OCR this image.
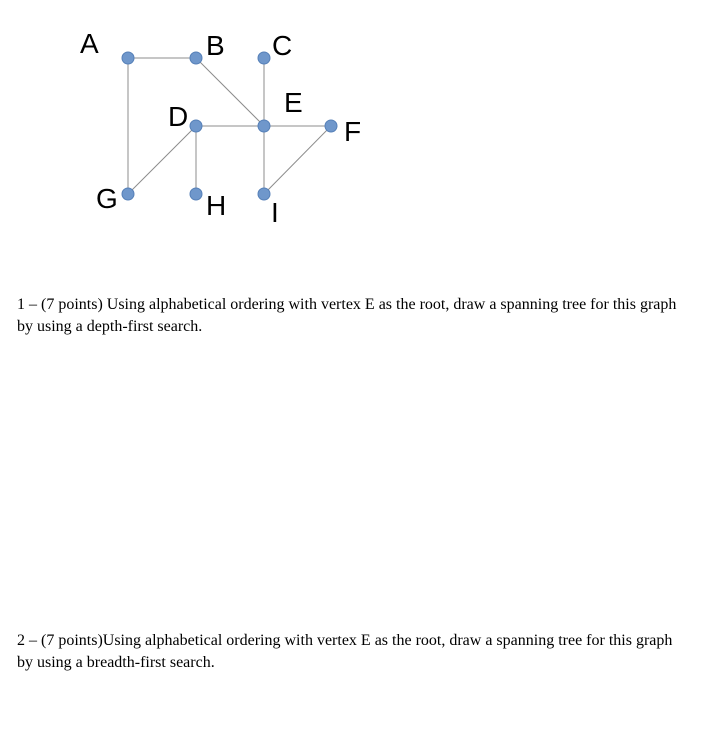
A	B C
D	E
F
G	H I

1 – (7 points) Using alphabetical ordering with vertex E as the root, draw a spanning tree for this graph by using a depth-first search.

2 – (7 points)Using alphabetical ordering with vertex E as the root, draw a spanning tree for this graph by using a breadth-first search.
